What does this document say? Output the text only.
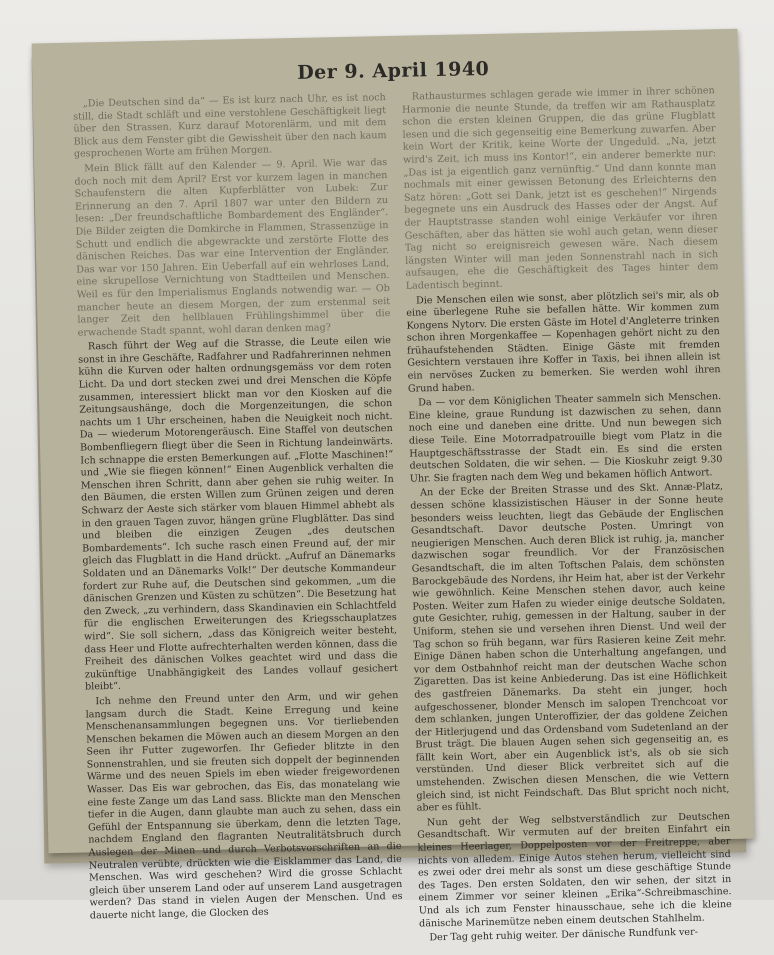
Der 9. April 1940

„Die Deutschen sind da“ — Es ist kurz nach Uhr, es ist noch still, die Stadt schläft und eine verstohlene Geschäftigkeit liegt über den Strassen. Kurz darauf Motorenlärm, und mit dem Blick aus dem Fenster gibt die Gewissheit über den nach kaum gesprochenen Worte am frühen Morgen.

Mein Blick fällt auf den Kalender — 9. April. Wie war das doch noch mit dem April? Erst vor kurzem lagen in manchen Schaufenstern die alten Kupferblätter von Lubek: Zur Erinnerung an den 7. April 1807 war unter den Bildern zu lesen: „Der freundschaftliche Bombardement des Engländer“. Die Bilder zeigten die Domkirche in Flammen, Strassenzüge in Schutt und endlich die abgewrackte und zerstörte Flotte des dänischen Reiches. Das war eine Intervention der Engländer. Das war vor 150 Jahren. Ein Ueberfall auf ein wehrloses Land, eine skrupellose Vernichtung von Stadtteilen und Menschen. Weil es für den Imperialismus Englands notwendig war. — Ob mancher heute an diesem Morgen, der zum erstenmal seit langer Zeit den hellblauen Frühlingshimmel über die erwachende Stadt spannt, wohl daran denken mag?

Rasch führt der Weg auf die Strasse, die Leute eilen wie sonst in ihre Geschäfte, Radfahrer und Radfahrerinnen nehmen kühn die Kurven oder halten ordnungsgemäss vor dem roten Licht. Da und dort stecken zwei und drei Menschen die Köpfe zusammen, interessiert blickt man vor den Kiosken auf die Zeitungsaushänge, doch die Morgenzeitungen, die schon nachts um 1 Uhr erscheinen, haben die Neuigkeit noch nicht. Da — wiederum Motorengeräusch. Eine Staffel von deutschen Bombenfliegern fliegt über die Seen in Richtung landeinwärts. Ich schnappe die ersten Bemerkungen auf. „Flotte Maschinen!“ und „Wie sie fliegen können!“ Einen Augenblick verhalten die Menschen ihren Schritt, dann aber gehen sie ruhig weiter. In den Bäumen, die ersten Willen zum Grünen zeigen und deren Schwarz der Aeste sich stärker vom blauen Himmel abhebt als in den grauen Tagen zuvor, hängen grüne Flugblätter. Das sind und bleiben die einzigen Zeugen „des deutschen Bombardements“. Ich suche rasch einen Freund auf, der mir gleich das Flugblatt in die Hand drückt. „Aufruf an Dänemarks Soldaten und an Dänemarks Volk!“ Der deutsche Kommandeur fordert zur Ruhe auf, die Deutschen sind gekommen, „um die dänischen Grenzen und Küsten zu schützen“. Die Besetzung hat den Zweck, „zu verhindern, dass Skandinavien ein Schlachtfeld für die englischen Erweiterungen des Kriegsschauplatzes wird“. Sie soll sichern, „dass das Königreich weiter besteht, dass Heer und Flotte aufrechterhalten werden können, dass die Freiheit des dänischen Volkes geachtet wird und dass die zukünftige Unabhängigkeit des Landes vollauf gesichert bleibt“.

Ich nehme den Freund unter den Arm, und wir gehen langsam durch die Stadt. Keine Erregung und keine Menschenansammlungen begegnen uns. Vor tierliebenden Menschen bekamen die Möwen auch an diesem Morgen an den Seen ihr Futter zugeworfen. Ihr Gefieder blitzte in den Sonnenstrahlen, und sie freuten sich doppelt der beginnenden Wärme und des neuen Spiels im eben wieder freigewordenen Wasser. Das Eis war gebrochen, das Eis, das monatelang wie eine feste Zange um das Land sass. Blickte man den Menschen tiefer in die Augen, dann glaubte man auch zu sehen, dass ein Gefühl der Entspannung sie überkam, denn die letzten Tage, nachdem England den flagranten Neutralitätsbruch durch Auslegen der Minen und durch Verbotsvorschriften an die Neutralen verübte, drückten wie die Eisklammer das Land, die Menschen. Was wird geschehen? Wird die grosse Schlacht gleich über unserem Land oder auf unserem Land ausgetragen werden? Das stand in vielen Augen der Menschen. Und es dauerte nicht lange, die Glocken des

Rathausturmes schlagen gerade wie immer in ihrer schönen Harmonie die neunte Stunde, da treffen wir am Rathausplatz schon die ersten kleinen Gruppen, die das grüne Flugblatt lesen und die sich gegenseitig eine Bemerkung zuwarfen. Aber kein Wort der Kritik, keine Worte der Ungeduld. „Na, jetzt wird's Zeit, ich muss ins Kontor!“, ein anderer bemerkte nur: „Das ist ja eigentlich ganz vernünftig.“ Und dann konnte man nochmals mit einer gewissen Betonung des Erleichterns den Satz hören: „Gott sei Dank, jetzt ist es geschehen!“ Nirgends begegnete uns ein Ausdruck des Hasses oder der Angst. Auf der Hauptstrasse standen wohl einige Verkäufer vor ihren Geschäften, aber das hätten sie wohl auch getan, wenn dieser Tag nicht so ereignisreich gewesen wäre. Nach diesem längsten Winter will man jeden Sonnenstrahl nach in sich aufsaugen, ehe die Geschäftigkeit des Tages hinter dem Ladentisch beginnt.

Die Menschen eilen wie sonst, aber plötzlich sei's mir, als ob eine überlegene Ruhe sie befallen hätte. Wir kommen zum Kongens Nytorv. Die ersten Gäste im Hotel d'Angleterre trinken schon ihren Morgenkaffee — Kopenhagen gehört nicht zu den frühaufstehenden Städten. Einige Gäste mit fremden Gesichtern verstauen ihre Koffer in Taxis, bei ihnen allein ist ein nervöses Zucken zu bemerken. Sie werden wohl ihren Grund haben.

Da — vor dem Königlichen Theater sammeln sich Menschen. Eine kleine, graue Rundung ist dazwischen zu sehen, dann noch eine und daneben eine dritte. Und nun bewegen sich diese Teile. Eine Motorradpatrouille biegt vom Platz in die Hauptgeschäftsstrasse der Stadt ein. Es sind die ersten deutschen Soldaten, die wir sehen. — Die Kioskuhr zeigt 9.30 Uhr. Sie fragten nach dem Weg und bekamen höflich Antwort.

An der Ecke der Breiten Strasse und des Skt. Annæ-Platz, dessen schöne klassizistischen Häuser in der Sonne heute besonders weiss leuchten, liegt das Gebäude der Englischen Gesandtschaft. Davor deutsche Posten. Umringt von neugierigen Menschen. Auch deren Blick ist ruhig, ja, mancher dazwischen sogar freundlich. Vor der Französischen Gesandtschaft, die im alten Toftschen Palais, dem schönsten Barockgebäude des Nordens, ihr Heim hat, aber ist der Verkehr wie gewöhnlich. Keine Menschen stehen davor, auch keine Posten. Weiter zum Hafen zu wieder einige deutsche Soldaten, gute Gesichter, ruhig, gemessen in der Haltung, sauber in der Uniform, stehen sie und versehen ihren Dienst. Und weil der Tag schon so früh begann, war fürs Rasieren keine Zeit mehr. Einige Dänen haben schon die Unterhaltung angefangen, und vor dem Ostbahnhof reicht man der deutschen Wache schon Zigaretten. Das ist keine Anbiederung. Das ist eine Höflichkeit des gastfreien Dänemarks. Da steht ein junger, hoch aufgeschossener, blonder Mensch im salopen Trenchcoat vor dem schlanken, jungen Unteroffizier, der das goldene Zeichen der Hitlerjugend und das Ordensband vom Sudetenland an der Brust trägt. Die blauen Augen sehen sich gegenseitig an, es fällt kein Wort, aber ein Augenblick ist's, als ob sie sich verstünden. Und dieser Blick verbreitet sich auf die umstehenden. Zwischen diesen Menschen, die wie Vettern gleich sind, ist nicht Feindschaft. Das Blut spricht noch nicht, aber es fühlt.

Nun geht der Weg selbstverständlich zur Deutschen Gesandtschaft. Wir vermuten auf der breiten Einfahrt ein kleines Heerlager, Doppelposten vor der Freitreppe, aber nichts von alledem. Einige Autos stehen herum, vielleicht sind es zwei oder drei mehr als sonst um diese geschäftige Stunde des Tages. Den ersten Soldaten, den wir sehen, der sitzt in einem Zimmer vor seiner kleinen „Erika“-Schreibmaschine. Und als ich zum Fenster hinausschaue, sehe ich die kleine dänische Marinemütze neben einem deutschen Stahlhelm.

Der Tag geht ruhig weiter. Der dänische Rundfunk ver-
